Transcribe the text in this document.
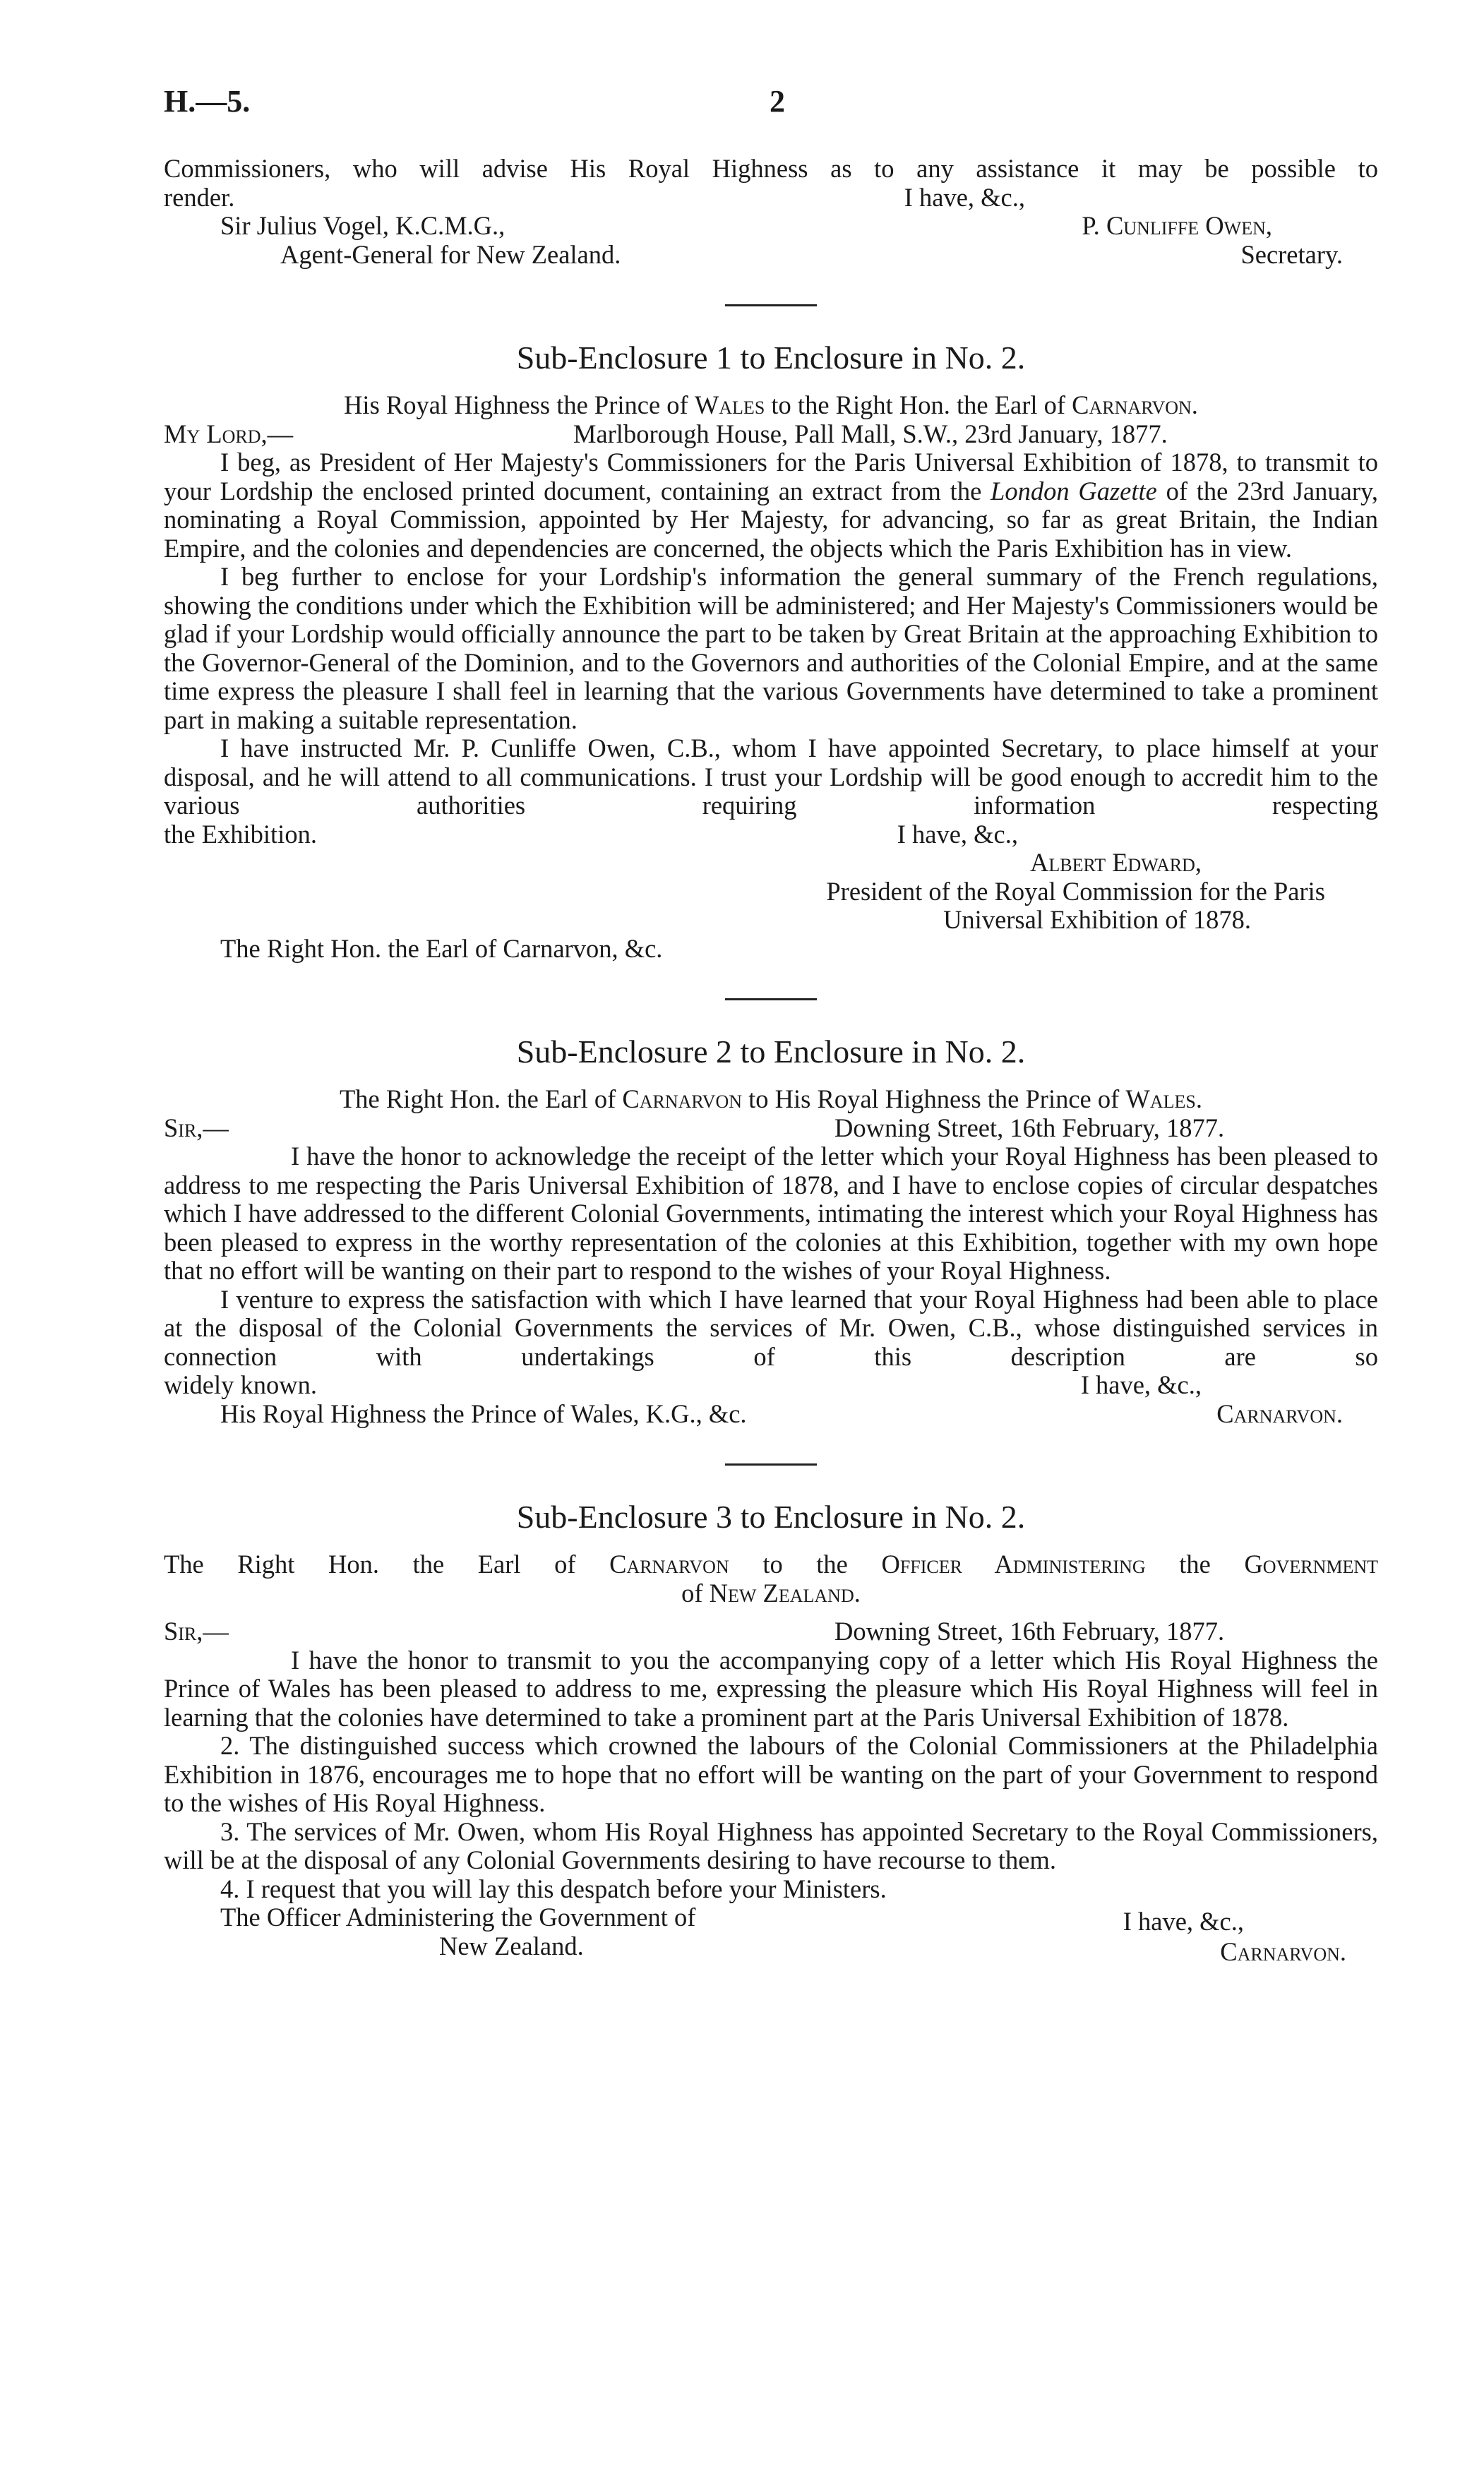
H.—5.	2

Commissioners, who will advise His Royal Highness as to any assistance it may be possible to

render.	I have, &c.,
Sir Julius Vogel, K.C.M.G.,	P. Cunliffe Owen,
Agent-General for New Zealand.	Secretary.

Sub-Enclosure 1 to Enclosure in No. 2.

His Royal Highness the Prince of Wales to the Right Hon. the Earl of Carnarvon.

My Lord,—	Marlborough House, Pall Mall, S.W., 23rd January, 1877.

I beg, as President of Her Majesty's Commissioners for the Paris Universal Exhibition of 1878, to transmit to your Lordship the enclosed printed document, containing an extract from the London Gazette of the 23rd January, nominating a Royal Commission, appointed by Her Majesty, for advancing, so far as great Britain, the Indian Empire, and the colonies and dependencies are concerned, the objects which the Paris Exhibition has in view.

I beg further to enclose for your Lordship's information the general summary of the French regulations, showing the conditions under which the Exhibition will be administered; and Her Majesty's Commissioners would be glad if your Lordship would officially announce the part to be taken by Great Britain at the approaching Exhibition to the Governor-General of the Dominion, and to the Governors and authorities of the Colonial Empire, and at the same time express the pleasure I shall feel in learning that the various Governments have determined to take a prominent part in making a suitable representation.

I have instructed Mr. P. Cunliffe Owen, C.B., whom I have appointed Secretary, to place himself at your disposal, and he will attend to all communications. I trust your Lordship will be good enough to accredit him to the various authorities requiring information respecting

the Exhibition.	I have, &c.,

Albert Edward,

President of the Royal Commission for the Paris

Universal Exhibition of 1878.

The Right Hon. the Earl of Carnarvon, &c.

Sub-Enclosure 2 to Enclosure in No. 2.

The Right Hon. the Earl of Carnarvon to His Royal Highness the Prince of Wales.

Sir,—	Downing Street, 16th February, 1877.

I have the honor to acknowledge the receipt of the letter which your Royal Highness has been pleased to address to me respecting the Paris Universal Exhibition of 1878, and I have to enclose copies of circular despatches which I have addressed to the different Colonial Governments, intimating the interest which your Royal Highness has been pleased to express in the worthy representation of the colonies at this Exhibition, together with my own hope that no effort will be wanting on their part to respond to the wishes of your Royal Highness.

I venture to express the satisfaction with which I have learned that your Royal Highness had been able to place at the disposal of the Colonial Governments the services of Mr. Owen, C.B., whose distinguished services in connection with undertakings of this description are so

widely known.	I have, &c.,
His Royal Highness the Prince of Wales, K.G., &c.	Carnarvon.

Sub-Enclosure 3 to Enclosure in No. 2.

The Right Hon. the Earl of Carnarvon to the Officer Administering the Government

of New Zealand.

Sir,—	Downing Street, 16th February, 1877.

I have the honor to transmit to you the accompanying copy of a letter which His Royal Highness the Prince of Wales has been pleased to address to me, expressing the pleasure which His Royal Highness will feel in learning that the colonies have determined to take a prominent part at the Paris Universal Exhibition of 1878.

2. The distinguished success which crowned the labours of the Colonial Commissioners at the Philadelphia Exhibition in 1876, encourages me to hope that no effort will be wanting on the part of your Government to respond to the wishes of His Royal Highness.

3. The services of Mr. Owen, whom His Royal Highness has appointed Secretary to the Royal Commissioners, will be at the disposal of any Colonial Governments desiring to have recourse to them.

4. I request that you will lay this despatch before your Ministers.

The Officer Administering the Government of	I have, &c.,
New Zealand.	Carnarvon.
